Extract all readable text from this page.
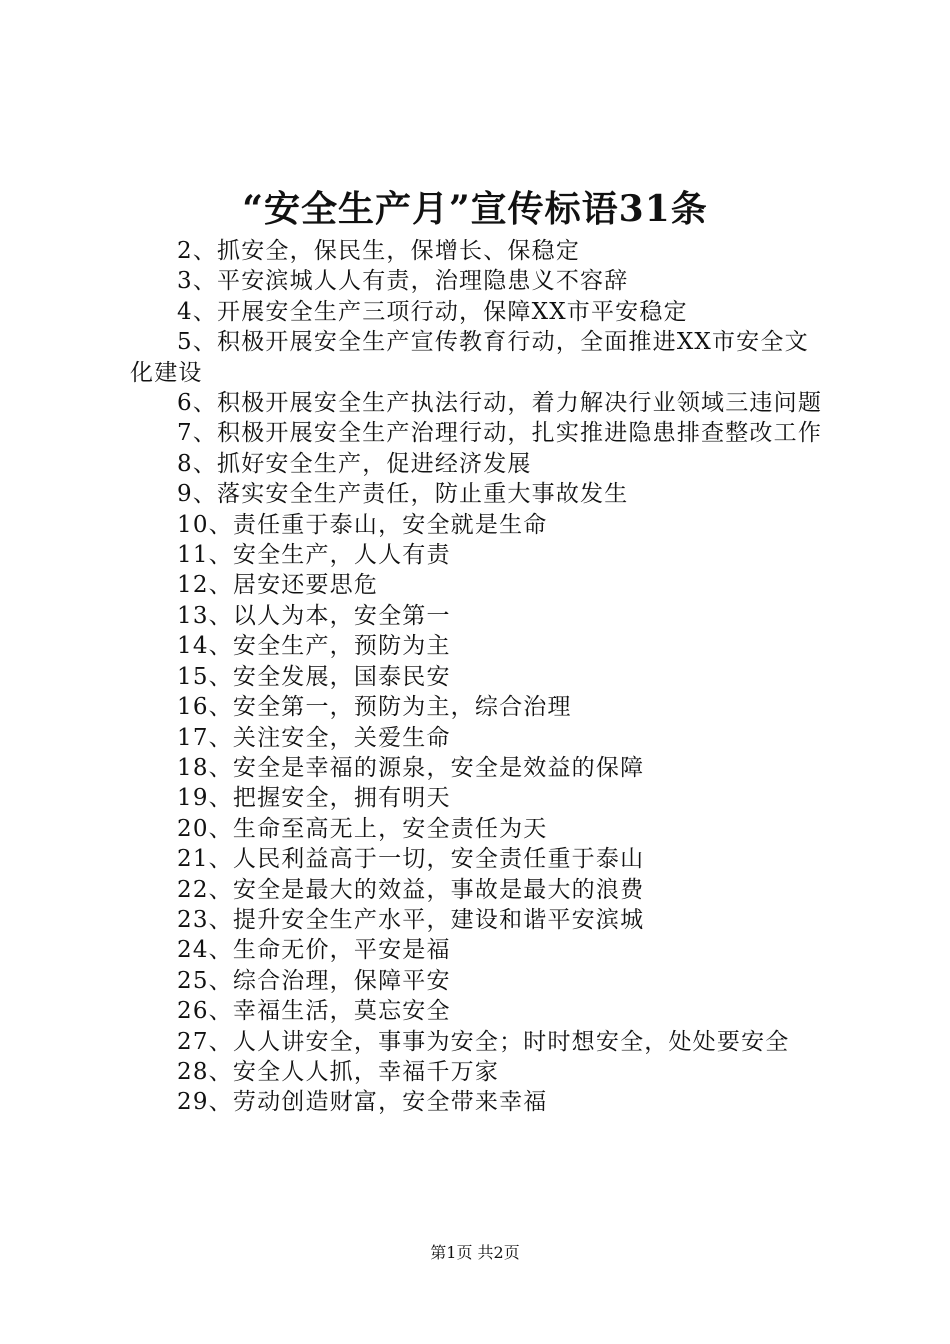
“安全生产月”宣传标语31条
2、抓安全，保民生，保增长、保稳定
3、平安滨城人人有责，治理隐患义不容辞
4、开展安全生产三项行动，保障XX市平安稳定
5、积极开展安全生产宣传教育行动，全面推进XX市安全文化建设
6、积极开展安全生产执法行动，着力解决行业领域三违问题
7、积极开展安全生产治理行动，扎实推进隐患排查整改工作
8、抓好安全生产，促进经济发展
9、落实安全生产责任，防止重大事故发生
10、责任重于泰山，安全就是生命
11、安全生产，人人有责
12、居安还要思危
13、以人为本，安全第一
14、安全生产，预防为主
15、安全发展，国泰民安
16、安全第一，预防为主，综合治理
17、关注安全，关爱生命
18、安全是幸福的源泉，安全是效益的保障
19、把握安全，拥有明天
20、生命至高无上，安全责任为天
21、人民利益高于一切，安全责任重于泰山
22、安全是最大的效益，事故是最大的浪费
23、提升安全生产水平，建设和谐平安滨城
24、生命无价，平安是福
25、综合治理，保障平安
26、幸福生活，莫忘安全
27、人人讲安全，事事为安全；时时想安全，处处要安全
28、安全人人抓，幸福千万家
29、劳动创造财富，安全带来幸福
第1页 共2页
